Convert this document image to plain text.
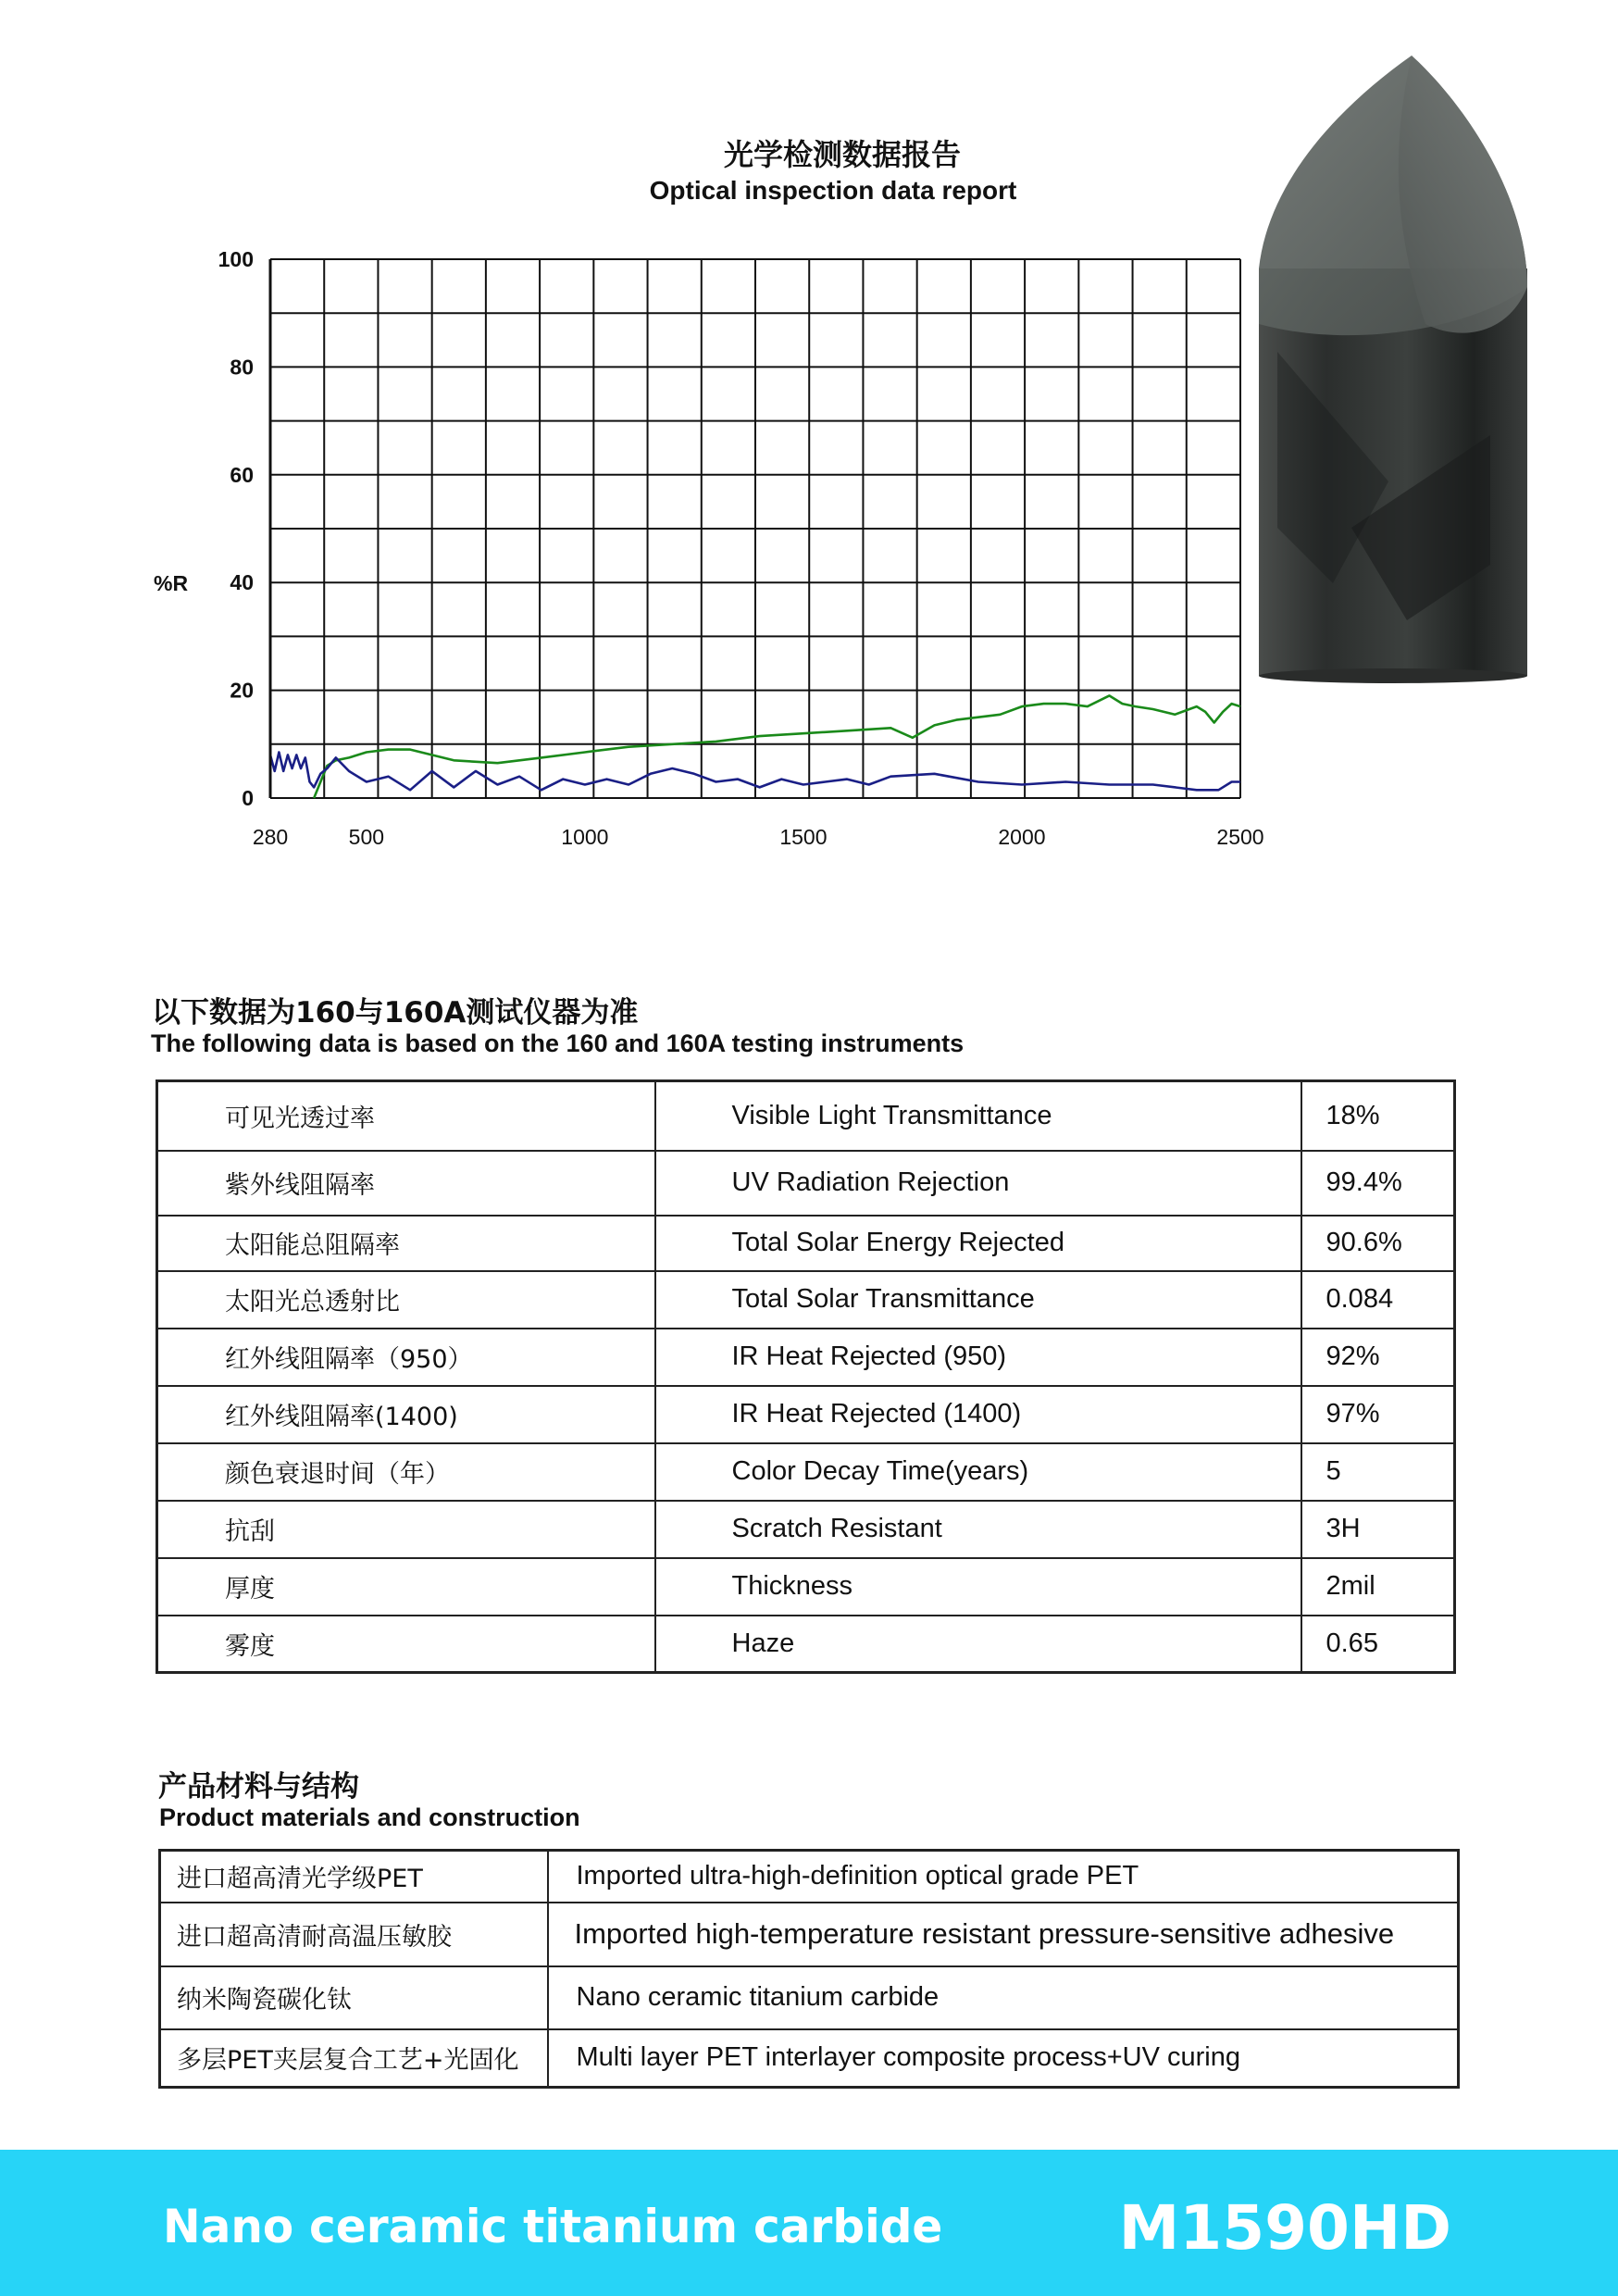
光学检测数据报告
Optical inspection data report
0
20
40
60
80
100
280	500	1000	1500	2000	2500
%R
以下数据为160与160A测试仪器为准
The following data is based on the 160 and 160A testing instruments
可见光透过率	Visible Light Transmittance	18%
紫外线阻隔率	UV Radiation Rejection	99.4%
太阳能总阻隔率	Total Solar Energy Rejected	90.6%
太阳光总透射比	Total Solar Transmittance	0.084
红外线阻隔率（950）	IR Heat Rejected (950)	92%
红外线阻隔率(1400)	IR Heat Rejected (1400)	97%
颜色衰退时间（年）	Color Decay Time(years)	5
抗刮	Scratch Resistant	3H
厚度	Thickness	2mil
雾度	Haze	0.65
产品材料与结构
Product materials and construction
进口超高清光学级PET	Imported ultra-high-definition optical grade PET
进口超高清耐高温压敏胶	Imported high-temperature resistant pressure-sensitive adhesive
纳米陶瓷碳化钛	Nano ceramic titanium carbide
多层PET夹层复合工艺+光固化	Multi layer PET interlayer composite process+UV curing
Nano ceramic titanium carbide	M1590HD
